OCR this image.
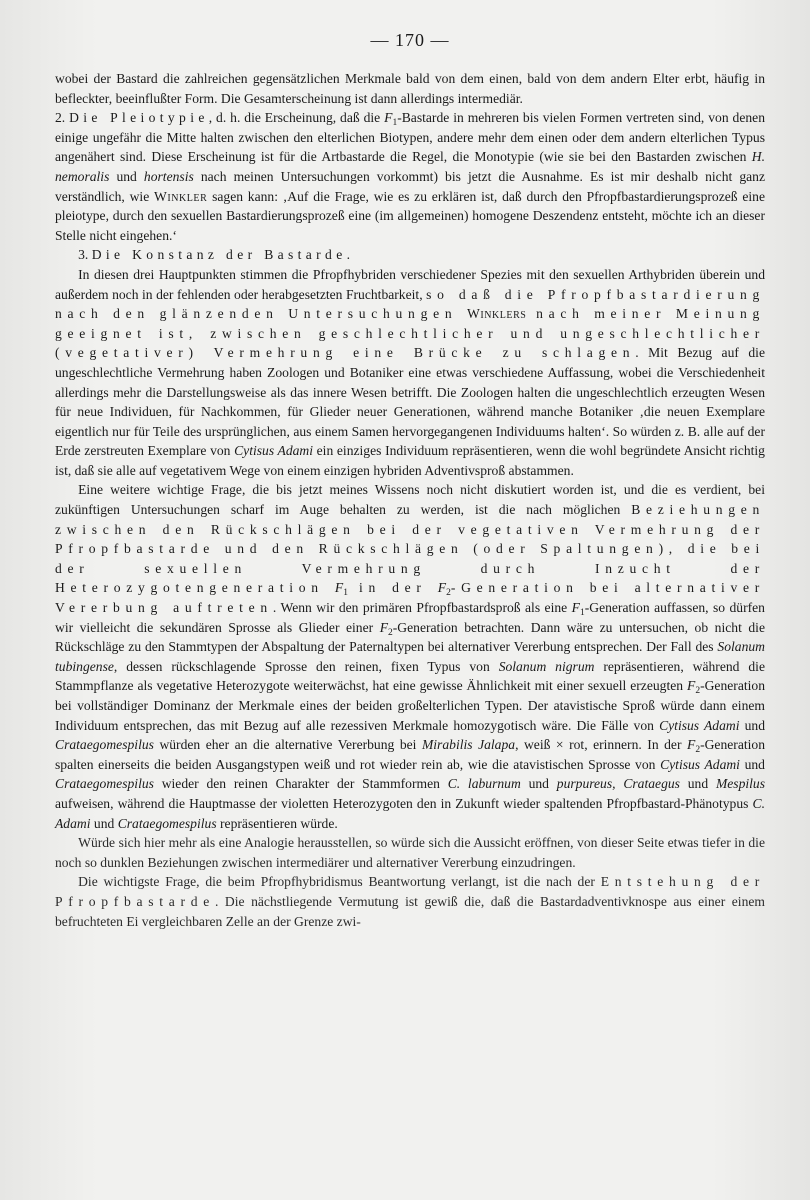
— 170 —

wobei der Bastard die zahlreichen gegensätzlichen Merkmale bald von dem einen, bald von dem andern Elter erbt, häufig in befleckter, beeinflußter Form. Die Gesamterscheinung ist dann allerdings intermediär.

2. Die Pleiotypie, d. h. die Erscheinung, daß die $F_1$-Bastarde in mehreren bis vielen Formen vertreten sind, von denen einige ungefähr die Mitte halten zwischen den elterlichen Biotypen, andere mehr dem einen oder dem andern elterlichen Typus angenähert sind. Diese Erscheinung ist für die Artbastarde die Regel, die Monotypie (wie sie bei den Bastarden zwischen H. nemoralis und hortensis nach meinen Untersuchungen vorkommt) bis jetzt die Ausnahme. Es ist mir deshalb nicht ganz verständlich, wie Winkler sagen kann: ‚Auf die Frage, wie es zu erklären ist, daß durch den Pfropfbastardierungsprozeß eine pleiotype, durch den sexuellen Bastardierungsprozeß eine (im allgemeinen) homogene Deszendenz entsteht, möchte ich an dieser Stelle nicht eingehen.‘

3. Die Konstanz der Bastarde.

In diesen drei Hauptpunkten stimmen die Pfropfhybriden verschiedener Spezies mit den sexuellen Arthybriden überein und außerdem noch in der fehlenden oder herabgesetzten Fruchtbarkeit, so daß die Pfropfbastardierung nach den glänzenden Untersuchungen Winklers nach meiner Meinung geeignet ist, zwischen geschlechtlicher und ungeschlechtlicher (vegetativer) Vermehrung eine Brücke zu schlagen. Mit Bezug auf die ungeschlechtliche Vermehrung haben Zoologen und Botaniker eine etwas verschiedene Auffassung, wobei die Verschiedenheit allerdings mehr die Darstellungsweise als das innere Wesen betrifft. Die Zoologen halten die ungeschlechtlich erzeugten Wesen für neue Individuen, für Nachkommen, für Glieder neuer Generationen, während manche Botaniker ‚die neuen Exemplare eigentlich nur für Teile des ursprünglichen, aus einem Samen hervorgegangenen Individuums halten‘. So würden z. B. alle auf der Erde zerstreuten Exemplare von Cytisus Adami ein einziges Individuum repräsentieren, wenn die wohl begründete Ansicht richtig ist, daß sie alle auf vegetativem Wege von einem einzigen hybriden Adventivsproß abstammen.

Eine weitere wichtige Frage, die bis jetzt meines Wissens noch nicht diskutiert worden ist, und die es verdient, bei zukünftigen Untersuchungen scharf im Auge behalten zu werden, ist die nach möglichen Beziehungen zwischen den Rückschlägen bei der vegetativen Vermehrung der Pfropfbastarde und den Rückschlägen (oder Spaltungen), die bei der sexuellen Vermehrung durch Inzucht der Heterozygotengeneration $F_1$ in der $F_2$-Generation bei alternativer Vererbung auftreten. Wenn wir den primären Pfropfbastardsproß als eine $F_1$-Generation auffassen, so dürfen wir vielleicht die sekundären Sprosse als Glieder einer $F_2$-Generation betrachten. Dann wäre zu untersuchen, ob nicht die Rückschläge zu den Stammtypen der Abspaltung der Paternaltypen bei alternativer Vererbung entsprechen. Der Fall des Solanum tubingense, dessen rückschlagende Sprosse den reinen, fixen Typus von Solanum nigrum repräsentieren, während die Stammpflanze als vegetative Heterozygote weiterwächst, hat eine gewisse Ähnlichkeit mit einer sexuell erzeugten $F_2$-Generation bei vollständiger Dominanz der Merkmale eines der beiden großelterlichen Typen. Der atavistische Sproß würde dann einem Individuum entsprechen, das mit Bezug auf alle rezessiven Merkmale homozygotisch wäre. Die Fälle von Cytisus Adami und Crataegomespilus würden eher an die alternative Vererbung bei Mirabilis Jalapa, weiß × rot, erinnern. In der $F_2$-Generation spalten einerseits die beiden Ausgangstypen weiß und rot wieder rein ab, wie die atavistischen Sprosse von Cytisus Adami und Crataegomespilus wieder den reinen Charakter der Stammformen C. laburnum und purpureus, Crataegus und Mespilus aufweisen, während die Hauptmasse der violetten Heterozygoten den in Zukunft wieder spaltenden Pfropfbastard-Phänotypus C. Adami und Crataegomespilus repräsentieren würde.

Würde sich hier mehr als eine Analogie herausstellen, so würde sich die Aussicht eröffnen, von dieser Seite etwas tiefer in die noch so dunklen Beziehungen zwischen intermediärer und alternativer Vererbung einzudringen.

Die wichtigste Frage, die beim Pfropfhybridismus Beantwortung verlangt, ist die nach der Entstehung der Pfropfbastarde. Die nächstliegende Vermutung ist gewiß die, daß die Bastardadventivknospe aus einer einem befruchteten Ei vergleichbaren Zelle an der Grenze zwi-
